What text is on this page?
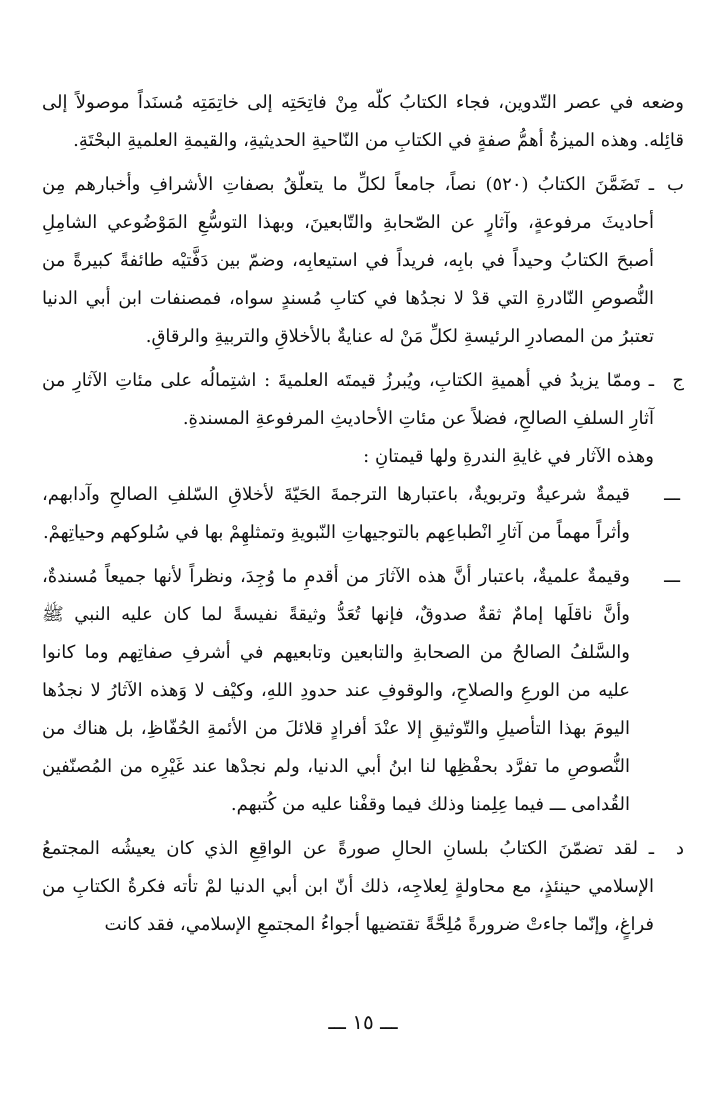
وضعه في عصر التّدوين، فجاء الكتابُ كلّه مِنْ فاتِحَتِه إلى خاتِمَتِه مُسنَداً موصولاً إلى قائِله. وهذه الميزةُ أهمُّ صفةٍ في الكتابِ من النّاحيةِ الحديثيةِ، والقيمةِ العلميةِ البحْتَةِ.

ب
ـ تَضَمَّنَ الكتابُ (٥٢٠) نصاً، جامعاً لكلِّ ما يتعلّقُ بصفاتِ الأشرافِ وأخبارهم مِن أحاديثَ مرفوعةٍ، وآثارٍ عن الصّحابةِ والتّابعينَ، وبهذا التوسُّعِ المَوْضُوعي الشامِلِ أصبحَ الكتابُ وحيداً في بابِه، فريداً في استيعابِه، وضمّ بين دَفَّتيْه طائفةً كبيرةً من النُّصوصِ النّادرةِ التي قدْ لا نجدُها في كتابِ مُسندٍ سواه، فمصنفات ابن أبي الدنيا تعتبرُ من المصادرِ الرئيسةِ لكلِّ مَنْ له عنايةٌ بالأخلاقِ والتربيةِ والرقاقِ.
ج
ـ وممّا يزيدُ في أهميةِ الكتابِ، ويُبرزُ قيمتَه العلميةَ : اشتِمالُه على مئاتِ الآثارِ من آثارِ السلفِ الصالحِ، فضلاً عن مئاتِ الأحاديثِ المرفوعةِ المسندةِ.

وهذه الآثار في غايةِ الندرةِ ولها قيمتانِ :

ـــ
قيمةٌ شرعيةٌ وتربويةٌ، باعتبارها الترجمةَ الحَيّةَ لأخلاقِ السّلفِ الصالحِ وآدابهم، وأثراً مهماً من آثارِ انْطباعِهم بالتوجيهاتِ النّبويةِ وتمثلهِمْ بها في سُلوكهم وحياتِهمْ.
ـــ
وقيمةٌ علميةٌ، باعتبار أنَّ هذه الآثارَ من أقدمِ ما وُجِدَ، ونظراً لأنها جميعاً مُسندةٌ، وأنَّ ناقلَها إمامٌ ثقةٌ صدوقٌ، فإنها تُعَدُّ وثيقةً نفيسةً لما كان عليه النبي ﷺ والسَّلفُ الصالحُ من الصحابةِ والتابعين وتابعيهم في أشرفِ صفاتِهم وما كانوا عليه من الورعِ والصلاحِ، والوقوفِ عند حدودِ اللهِ، وكيْف لا وَهذه الآثارُ لا نجدُها اليومَ بهذا التأصيلِ والتّوثيقِ إلا عنْدَ أفرادٍ قلائلَ من الأئمةِ الحُفّاظِ، بل هناك من النُّصوصِ ما تفرَّد بحفْظِها لنا ابنُ أبي الدنيا، ولم نجدْها عند غَيْرِه من المُصنّفين القُدامى ـــ فيما عِلِمنا وذلك فيما وقفْنا عليه من كُتبهم.
د
ـ لقد تضمّنَ الكتابُ بلسانِ الحالِ صورةً عن الواقِعِ الذي كان يعيشُه المجتمعُ الإسلامي حينئذٍ، مع محاولةٍ لِعلاجِه، ذلك أنّ ابن أبي الدنيا لمْ تأته فكرةُ الكتابِ من فراغٍ، وإنّما جاءتْ ضرورةً مُلِحَّةً تقتضيها أجواءُ المجتمعِ الإسلامي، فقد كانت
ـــ ١٥ ـــ
